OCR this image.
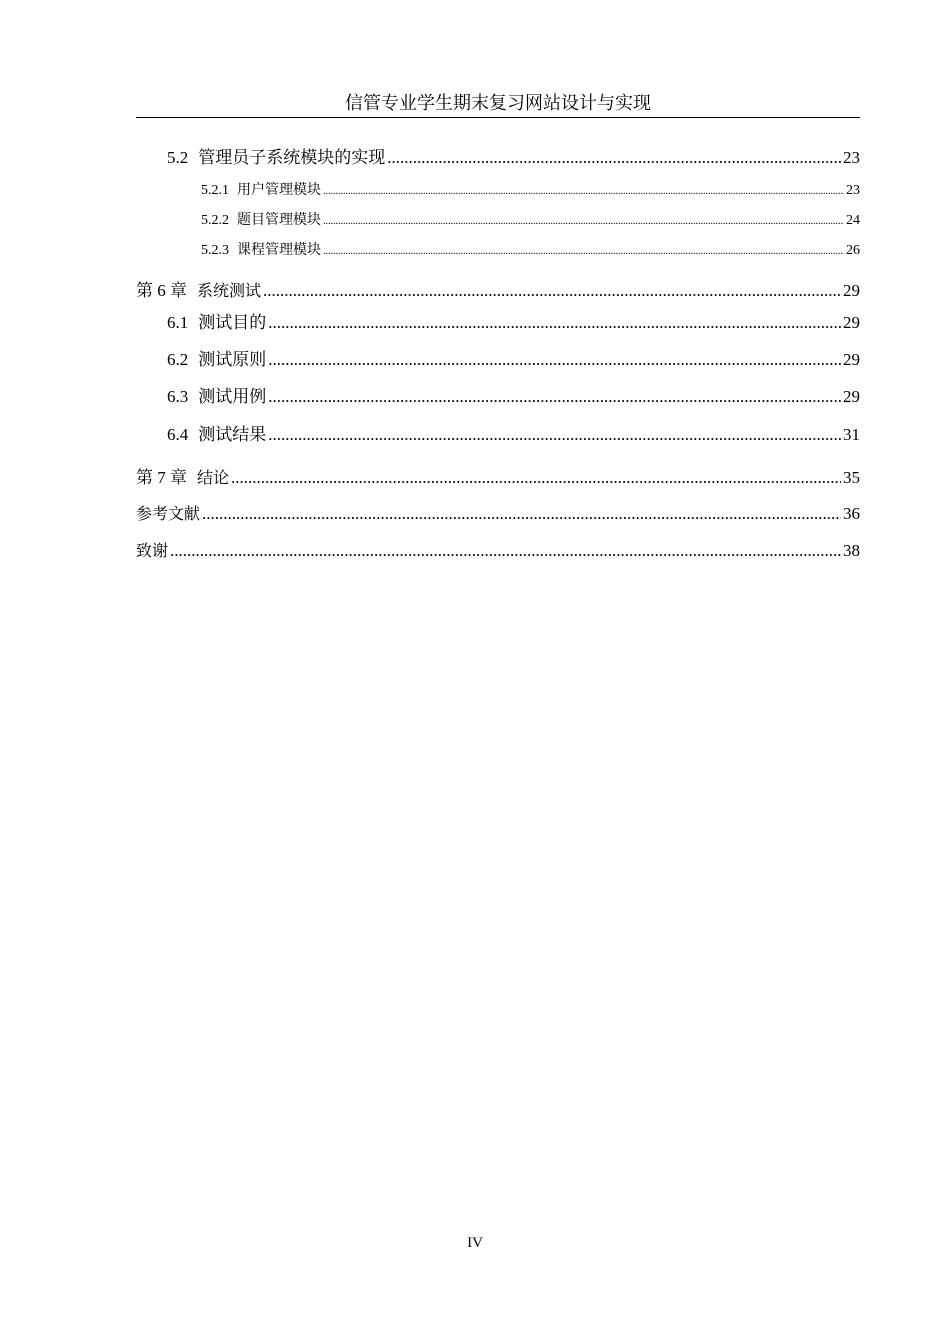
信管专业学生期末复习网站设计与实现
5.2 管理员子系统模块的实现 .....	23
5.2.1 用户管理模块 .....	23
5.2.2 题目管理模块 .....	24
5.2.3 课程管理模块 .....	26
第 6 章 系统测试 .....	29
6.1 测试目的 .....	29
6.2 测试原则 .....	29
6.3 测试用例 .....	29
6.4 测试结果 .....	31
第 7 章 结论 .....	35
参考文献 .....	36
致谢 .....	38
IV
